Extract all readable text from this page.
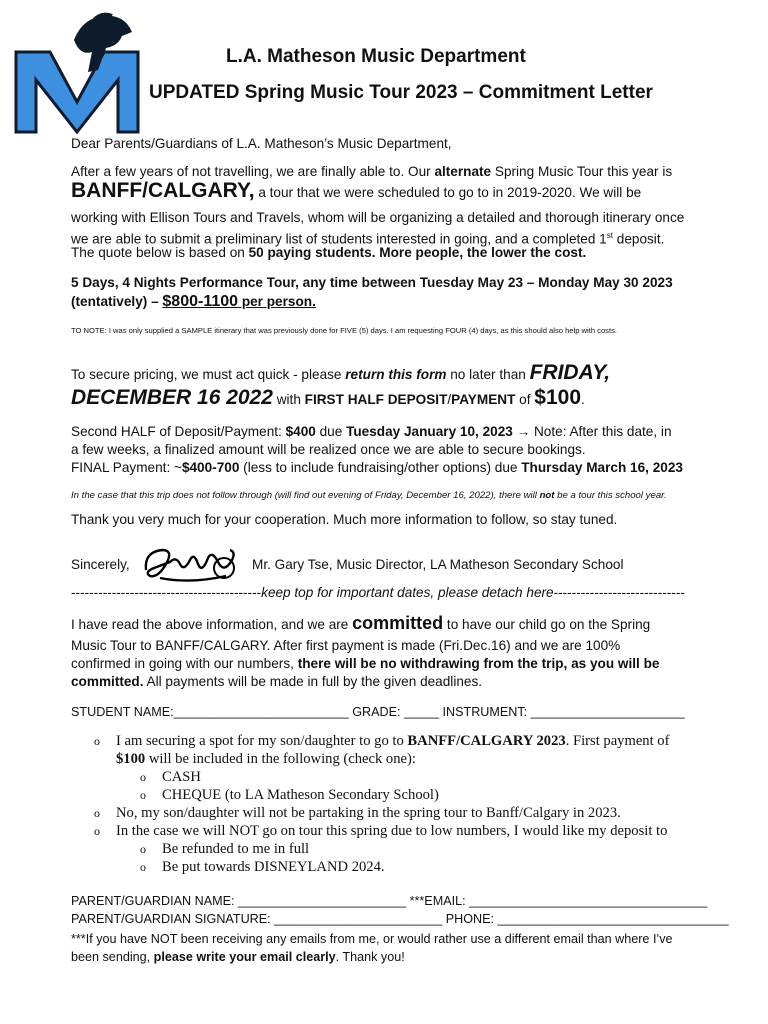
L.A. Matheson Music Department
UPDATED Spring Music Tour 2023 – Commitment Letter
Dear Parents/Guardians of L.A. Matheson’s Music Department,
After a few years of not travelling, we are finally able to. Our alternate Spring Music Tour this year is
BANFF/CALGARY, a tour that we were scheduled to go to in 2019-2020. We will be
working with Ellison Tours and Travels, whom will be organizing a detailed and thorough itinerary once
we are able to submit a preliminary list of students interested in going, and a completed 1st deposit.
The quote below is based on 50 paying students. More people, the lower the cost.
5 Days, 4 Nights Performance Tour, any time between Tuesday May 23 – Monday May 30 2023
(tentatively) – $800-1100 per person.
TO NOTE: I was only supplied a SAMPLE itinerary that was previously done for FIVE (5) days. I am requesting FOUR (4) days, as this should also help with costs.
To secure pricing, we must act quick - please return this form no later than FRIDAY,
DECEMBER 16 2022 with FIRST HALF DEPOSIT/PAYMENT of $100.
Second HALF of Deposit/Payment: $400 due Tuesday January 10, 2023 → Note: After this date, in
a few weeks, a finalized amount will be realized once we are able to secure bookings.
FINAL Payment: ~$400-700 (less to include fundraising/other options) due Thursday March 16, 2023
In the case that this trip does not follow through (will find out evening of Friday, December 16, 2022), there will not be a tour this school year.
Thank you very much for your cooperation. Much more information to follow, so stay tuned.
Sincerely,	Mr. Gary Tse, Music Director, LA Matheson Secondary School
------------------------------------------keep top for important dates, please detach here-----------------------------
I have read the above information, and we are committed to have our child go on the Spring
Music Tour to BANFF/CALGARY. After first payment is made (Fri.Dec.16) and we are 100%
confirmed in going with our numbers, there will be no withdrawing from the trip, as you will be
committed. All payments will be made in full by the given deadlines.
STUDENT NAME:_________________________ GRADE: _____ INSTRUMENT: ______________________
o I am securing a spot for my son/daughter to go to BANFF/CALGARY 2023. First payment of
$100 will be included in the following (check one):
o CASH
o CHEQUE (to LA Matheson Secondary School)
o No, my son/daughter will not be partaking in the spring tour to Banff/Calgary in 2023.
o In the case we will NOT go on tour this spring due to low numbers, I would like my deposit to
o Be refunded to me in full
o Be put towards DISNEYLAND 2024.
PARENT/GUARDIAN NAME: ________________________ ***EMAIL: __________________________________
PARENT/GUARDIAN SIGNATURE: ________________________ PHONE: _________________________________
***If you have NOT been receiving any emails from me, or would rather use a different email than where I’ve
been sending, please write your email clearly. Thank you!
